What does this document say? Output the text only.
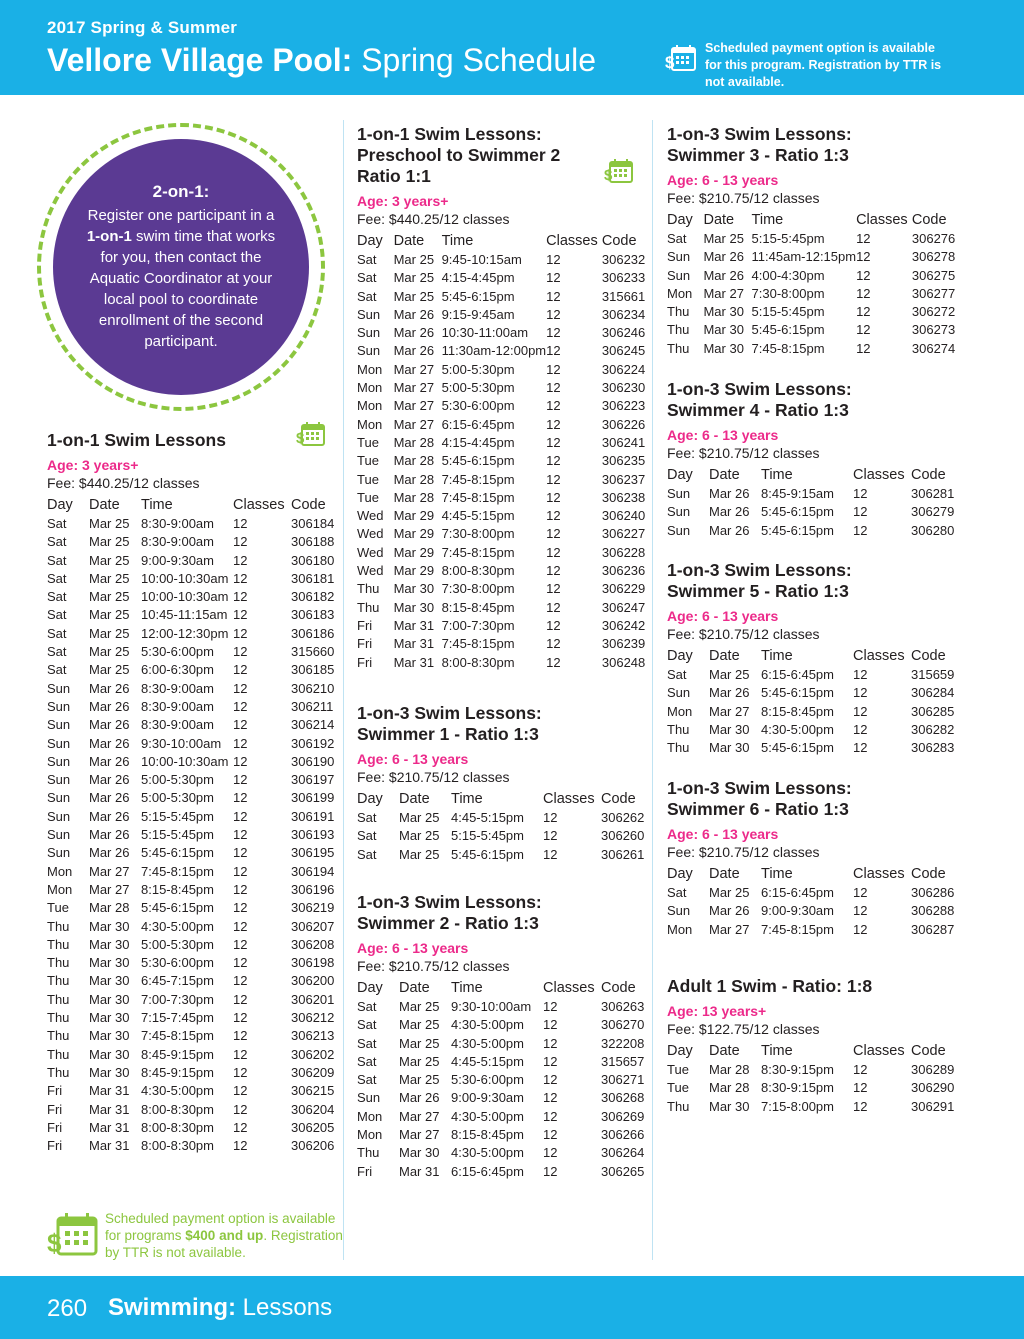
2017 Spring & Summer
Vellore Village Pool: Spring Schedule	$
Scheduled payment option is available for this program. Registration by TTR is not available.
2-on-1:
Register one participant in a 1-on-1 swim time that works for you, then contact the Aquatic Coordinator at your local pool to coordinate enrollment of the second participant.
1-on-1 Swim Lessons
Age: 3 years+
Fee: $440.25/12 classes
Day	Date	Time	Classes	Code
Sat	Mar 25	8:30-9:00am	12	306184
Sat	Mar 25	8:30-9:00am	12	306188
Sat	Mar 25	9:00-9:30am	12	306180
Sat	Mar 25	10:00-10:30am	12	306181
Sat	Mar 25	10:00-10:30am	12	306182
Sat	Mar 25	10:45-11:15am	12	306183
Sat	Mar 25	12:00-12:30pm	12	306186
Sat	Mar 25	5:30-6:00pm	12	315660
Sat	Mar 25	6:00-6:30pm	12	306185
Sun	Mar 26	8:30-9:00am	12	306210
Sun	Mar 26	8:30-9:00am	12	306211
Sun	Mar 26	8:30-9:00am	12	306214
Sun	Mar 26	9:30-10:00am	12	306192
Sun	Mar 26	10:00-10:30am	12	306190
Sun	Mar 26	5:00-5:30pm	12	306197
Sun	Mar 26	5:00-5:30pm	12	306199
Sun	Mar 26	5:15-5:45pm	12	306191
Sun	Mar 26	5:15-5:45pm	12	306193
Sun	Mar 26	5:45-6:15pm	12	306195
Mon	Mar 27	7:45-8:15pm	12	306194
Mon	Mar 27	8:15-8:45pm	12	306196
Tue	Mar 28	5:45-6:15pm	12	306219
Thu	Mar 30	4:30-5:00pm	12	306207
Thu	Mar 30	5:00-5:30pm	12	306208
Thu	Mar 30	5:30-6:00pm	12	306198
Thu	Mar 30	6:45-7:15pm	12	306200
Thu	Mar 30	7:00-7:30pm	12	306201
Thu	Mar 30	7:15-7:45pm	12	306212
Thu	Mar 30	7:45-8:15pm	12	306213
Thu	Mar 30	8:45-9:15pm	12	306202
Thu	Mar 30	8:45-9:15pm	12	306209
Fri	Mar 31	4:30-5:00pm	12	306215
Fri	Mar 31	8:00-8:30pm	12	306204
Fri	Mar 31	8:00-8:30pm	12	306205
Fri	Mar 31	8:00-8:30pm	12	306206
1-on-1 Swim Lessons:
Preschool to Swimmer 2
Ratio 1:1
Age: 3 years+
Fee: $440.25/12 classes
Day	Date	Time	Classes	Code
Sat	Mar 25	9:45-10:15am	12	306232
Sat	Mar 25	4:15-4:45pm	12	306233
Sat	Mar 25	5:45-6:15pm	12	315661
Sun	Mar 26	9:15-9:45am	12	306234
Sun	Mar 26	10:30-11:00am	12	306246
Sun	Mar 26	11:30am-12:00pm	12	306245
Mon	Mar 27	5:00-5:30pm	12	306224
Mon	Mar 27	5:00-5:30pm	12	306230
Mon	Mar 27	5:30-6:00pm	12	306223
Mon	Mar 27	6:15-6:45pm	12	306226
Tue	Mar 28	4:15-4:45pm	12	306241
Tue	Mar 28	5:45-6:15pm	12	306235
Tue	Mar 28	7:45-8:15pm	12	306237
Tue	Mar 28	7:45-8:15pm	12	306238
Wed	Mar 29	4:45-5:15pm	12	306240
Wed	Mar 29	7:30-8:00pm	12	306227
Wed	Mar 29	7:45-8:15pm	12	306228
Wed	Mar 29	8:00-8:30pm	12	306236
Thu	Mar 30	7:30-8:00pm	12	306229
Thu	Mar 30	8:15-8:45pm	12	306247
Fri	Mar 31	7:00-7:30pm	12	306242
Fri	Mar 31	7:45-8:15pm	12	306239
Fri	Mar 31	8:00-8:30pm	12	306248
1-on-3 Swim Lessons:
Swimmer 1 - Ratio 1:3
Age: 6 - 13 years
Fee: $210.75/12 classes
Day	Date	Time	Classes	Code
Sat	Mar 25	4:45-5:15pm	12	306262
Sat	Mar 25	5:15-5:45pm	12	306260
Sat	Mar 25	5:45-6:15pm	12	306261
1-on-3 Swim Lessons:
Swimmer 2 - Ratio 1:3
Age: 6 - 13 years
Fee: $210.75/12 classes
Day	Date	Time	Classes	Code
Sat	Mar 25	9:30-10:00am	12	306263
Sat	Mar 25	4:30-5:00pm	12	306270
Sat	Mar 25	4:30-5:00pm	12	322208
Sat	Mar 25	4:45-5:15pm	12	315657
Sat	Mar 25	5:30-6:00pm	12	306271
Sun	Mar 26	9:00-9:30am	12	306268
Mon	Mar 27	4:30-5:00pm	12	306269
Mon	Mar 27	8:15-8:45pm	12	306266
Thu	Mar 30	4:30-5:00pm	12	306264
Fri	Mar 31	6:15-6:45pm	12	306265
1-on-3 Swim Lessons:
Swimmer 3 - Ratio 1:3
Age: 6 - 13 years
Fee: $210.75/12 classes
Day	Date	Time	Classes	Code
Sat	Mar 25	5:15-5:45pm	12	306276
Sun	Mar 26	11:45am-12:15pm	12	306278
Sun	Mar 26	4:00-4:30pm	12	306275
Mon	Mar 27	7:30-8:00pm	12	306277
Thu	Mar 30	5:15-5:45pm	12	306272
Thu	Mar 30	5:45-6:15pm	12	306273
Thu	Mar 30	7:45-8:15pm	12	306274
1-on-3 Swim Lessons:
Swimmer 4 - Ratio 1:3
Age: 6 - 13 years
Fee: $210.75/12 classes
Day	Date	Time	Classes	Code
Sun	Mar 26	8:45-9:15am	12	306281
Sun	Mar 26	5:45-6:15pm	12	306279
Sun	Mar 26	5:45-6:15pm	12	306280
1-on-3 Swim Lessons:
Swimmer 5 - Ratio 1:3
Age: 6 - 13 years
Fee: $210.75/12 classes
Day	Date	Time	Classes	Code
Sat	Mar 25	6:15-6:45pm	12	315659
Sun	Mar 26	5:45-6:15pm	12	306284
Mon	Mar 27	8:15-8:45pm	12	306285
Thu	Mar 30	4:30-5:00pm	12	306282
Thu	Mar 30	5:45-6:15pm	12	306283
1-on-3 Swim Lessons:
Swimmer 6 - Ratio 1:3
Age: 6 - 13 years
Fee: $210.75/12 classes
Day	Date	Time	Classes	Code
Sat	Mar 25	6:15-6:45pm	12	306286
Sun	Mar 26	9:00-9:30am	12	306288
Mon	Mar 27	7:45-8:15pm	12	306287
Adult 1 Swim - Ratio: 1:8
Age: 13 years+
Fee: $122.75/12 classes
Day	Date	Time	Classes	Code
Tue	Mar 28	8:30-9:15pm	12	306289
Tue	Mar 28	8:30-9:15pm	12	306290
Thu	Mar 30	7:15-8:00pm	12	306291
$
$
$
Scheduled payment option is available for programs $400 and up. Registration by TTR is not available.
260 Swimming: Lessons
